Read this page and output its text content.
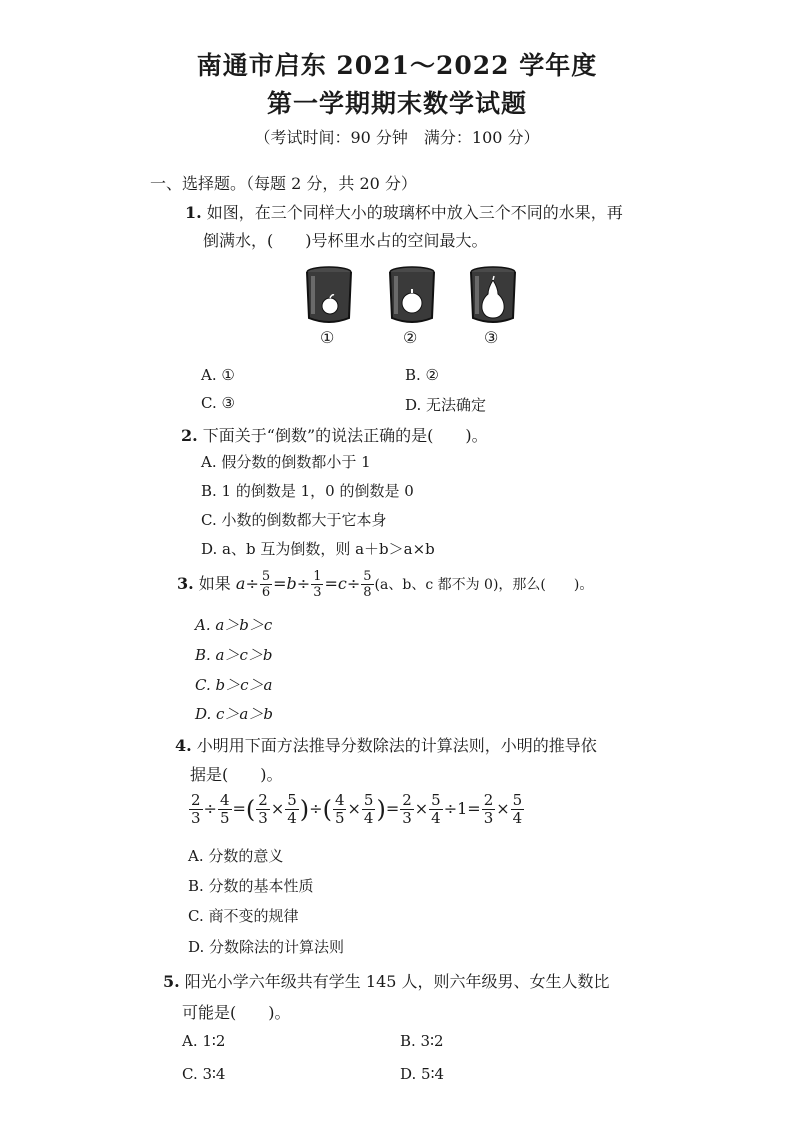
南通市启东 2021～2022 学年度
第一学期期末数学试题
（考试时间：90 分钟　满分：100 分）
一、选择题。（每题 2 分，共 20 分）
1. 如图，在三个同样大小的玻璃杯中放入三个不同的水果，再
倒满水，(　　)号杯里水占的空间最大。
①	②	③
A. ①	B. ②
C. ③	D. 无法确定
2. 下面关于“倒数”的说法正确的是(　　)。
A. 假分数的倒数都小于 1
B. 1 的倒数是 1，0 的倒数是 0
C. 小数的倒数都大于它本身
D. a、b 互为倒数，则 a＋b＞a×b
3. 如果 $a\div \frac{5}{6} =b\div \frac{1}{3} =c\div \frac{5}{8} (a$、b、c 都不为 0)，那么(　　)。
A. a＞b＞c
B. a＞c＞b
C. b＞c＞a
D. c＞a＞b
4. 小明用下面方法推导分数除法的计算法则，小明的推导依
据是(　　)。
$\frac{2}{3} \div \frac{4}{5}$ =( $\frac{2}{3} \times \frac{5}{4}$ )÷( $\frac{4}{5} \times \frac{5}{4}$ )= $\frac{2}{3} \times \frac{5}{4} \div 1= \frac{2}{3} \times \frac{5}{4}$
A. 分数的意义
B. 分数的基本性质
C. 商不变的规律
D. 分数除法的计算法则
5. 阳光小学六年级共有学生 145 人，则六年级男、女生人数比
可能是(　　)。
A. 1∶2	B. 3∶2
C. 3∶4	D. 5∶4
